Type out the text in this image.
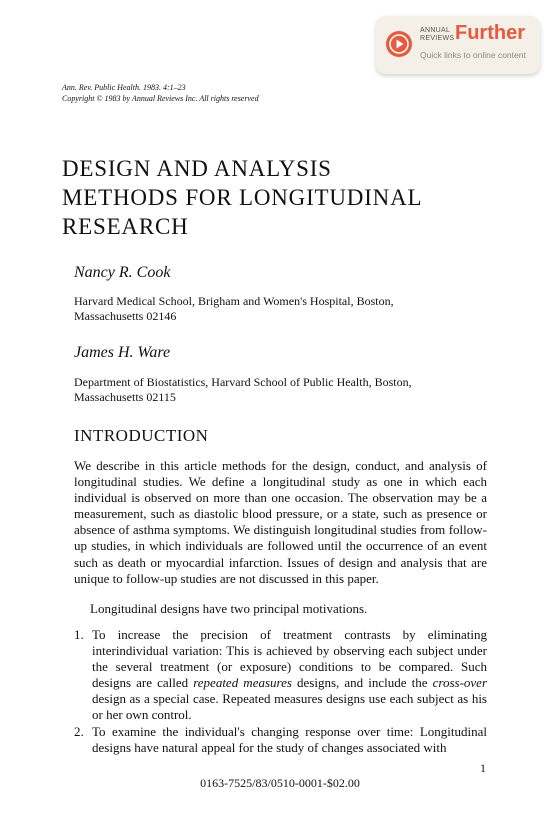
ANNUAL
REVIEWS Further
Quick links to online content
Ann. Rev. Public Health. 1983. 4:1–23
Copyright © 1983 by Annual Reviews Inc. All rights reserved
DESIGN AND ANALYSIS
METHODS FOR LONGITUDINAL
RESEARCH
Nancy R. Cook
Harvard Medical School, Brigham and Women's Hospital, Boston,
Massachusetts 02146
James H. Ware
Department of Biostatistics, Harvard School of Public Health, Boston,
Massachusetts 02115
INTRODUCTION
We describe in this article methods for the design, conduct, and analysis of longitudinal studies. We define a longitudinal study as one in which each individual is observed on more than one occasion. The observation may be a measurement, such as diastolic blood pressure, or a state, such as presence or absence of asthma symptoms. We distinguish longitudinal studies from follow-up studies, in which individuals are followed until the occurrence of an event such as death or myocardial infarction. Issues of design and analysis that are unique to follow-up studies are not discussed in this paper.
Longitudinal designs have two principal motivations.
1. To increase the precision of treatment contrasts by eliminating interindividual variation: This is achieved by observing each subject under the several treatment (or exposure) conditions to be compared. Such designs are called repeated measures designs, and include the cross-over design as a special case. Repeated measures designs use each subject as his or her own control.
2. To examine the individual's changing response over time: Longitudinal designs have natural appeal for the study of changes associated with
1
0163-7525/83/0510-0001-$02.00
